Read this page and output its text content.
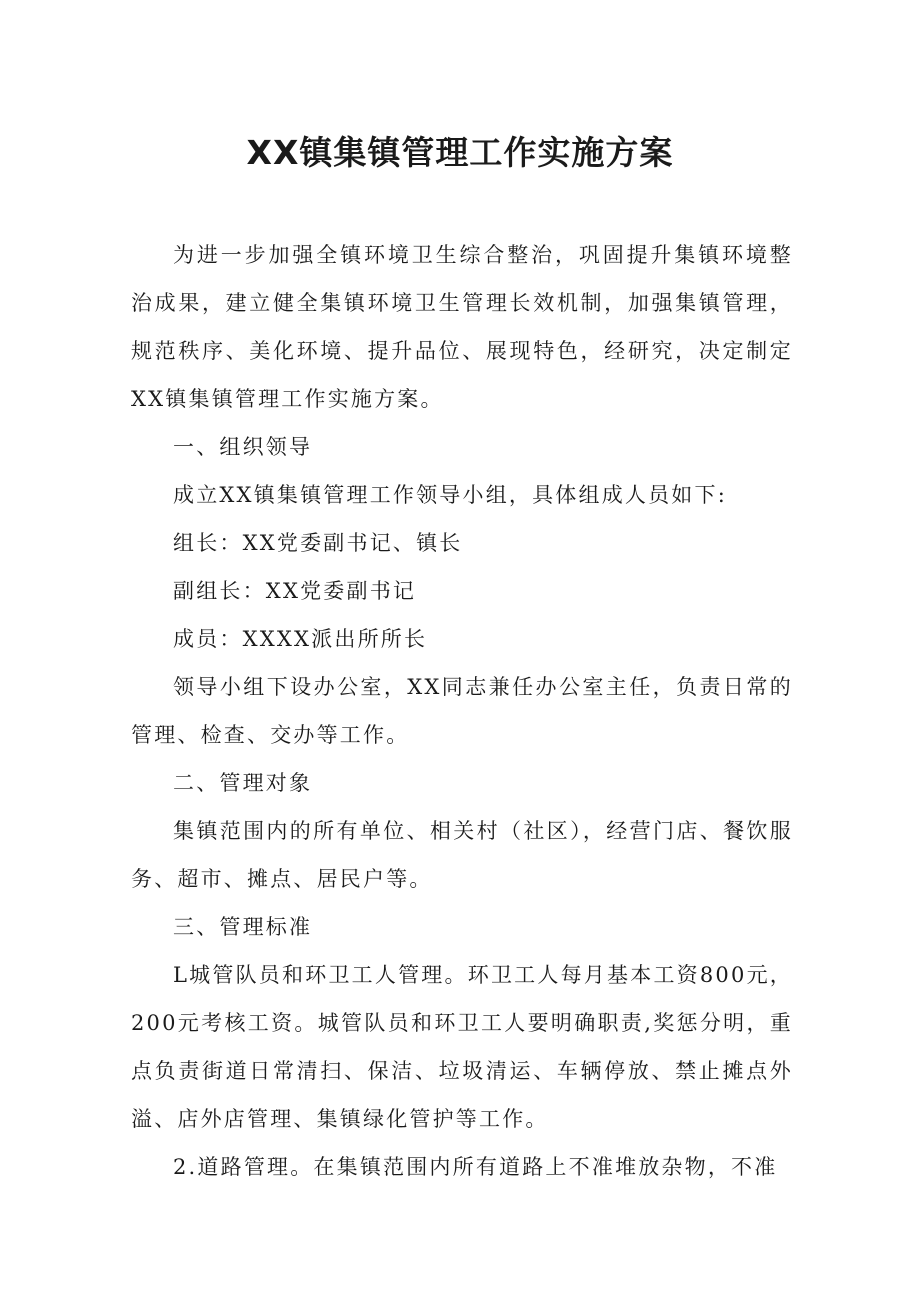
XX镇集镇管理工作实施方案

为进一步加强全镇环境卫生综合整治，巩固提升集镇环境整治成果，建立健全集镇环境卫生管理长效机制，加强集镇管理，规范秩序、美化环境、提升品位、展现特色，经研究，决定制定XX镇集镇管理工作实施方案。

一、组织领导

成立XX镇集镇管理工作领导小组，具体组成人员如下:

组长：XX党委副书记、镇长

副组长：XX党委副书记

成员：XXXX派出所所长

领导小组下设办公室，XX同志兼任办公室主任，负责日常的管理、检查、交办等工作。

二、管理对象

集镇范围内的所有单位、相关村（社区），经营门店、餐饮服务、超市、摊点、居民户等。

三、管理标准

L城管队员和环卫工人管理。环卫工人每月基本工资800元，200元考核工资。城管队员和环卫工人要明确职责,奖惩分明，重点负责街道日常清扫、保洁、垃圾清运、车辆停放、禁止摊点外溢、店外店管理、集镇绿化管护等工作。

2.道路管理。在集镇范围内所有道路上不准堆放杂物，不准
